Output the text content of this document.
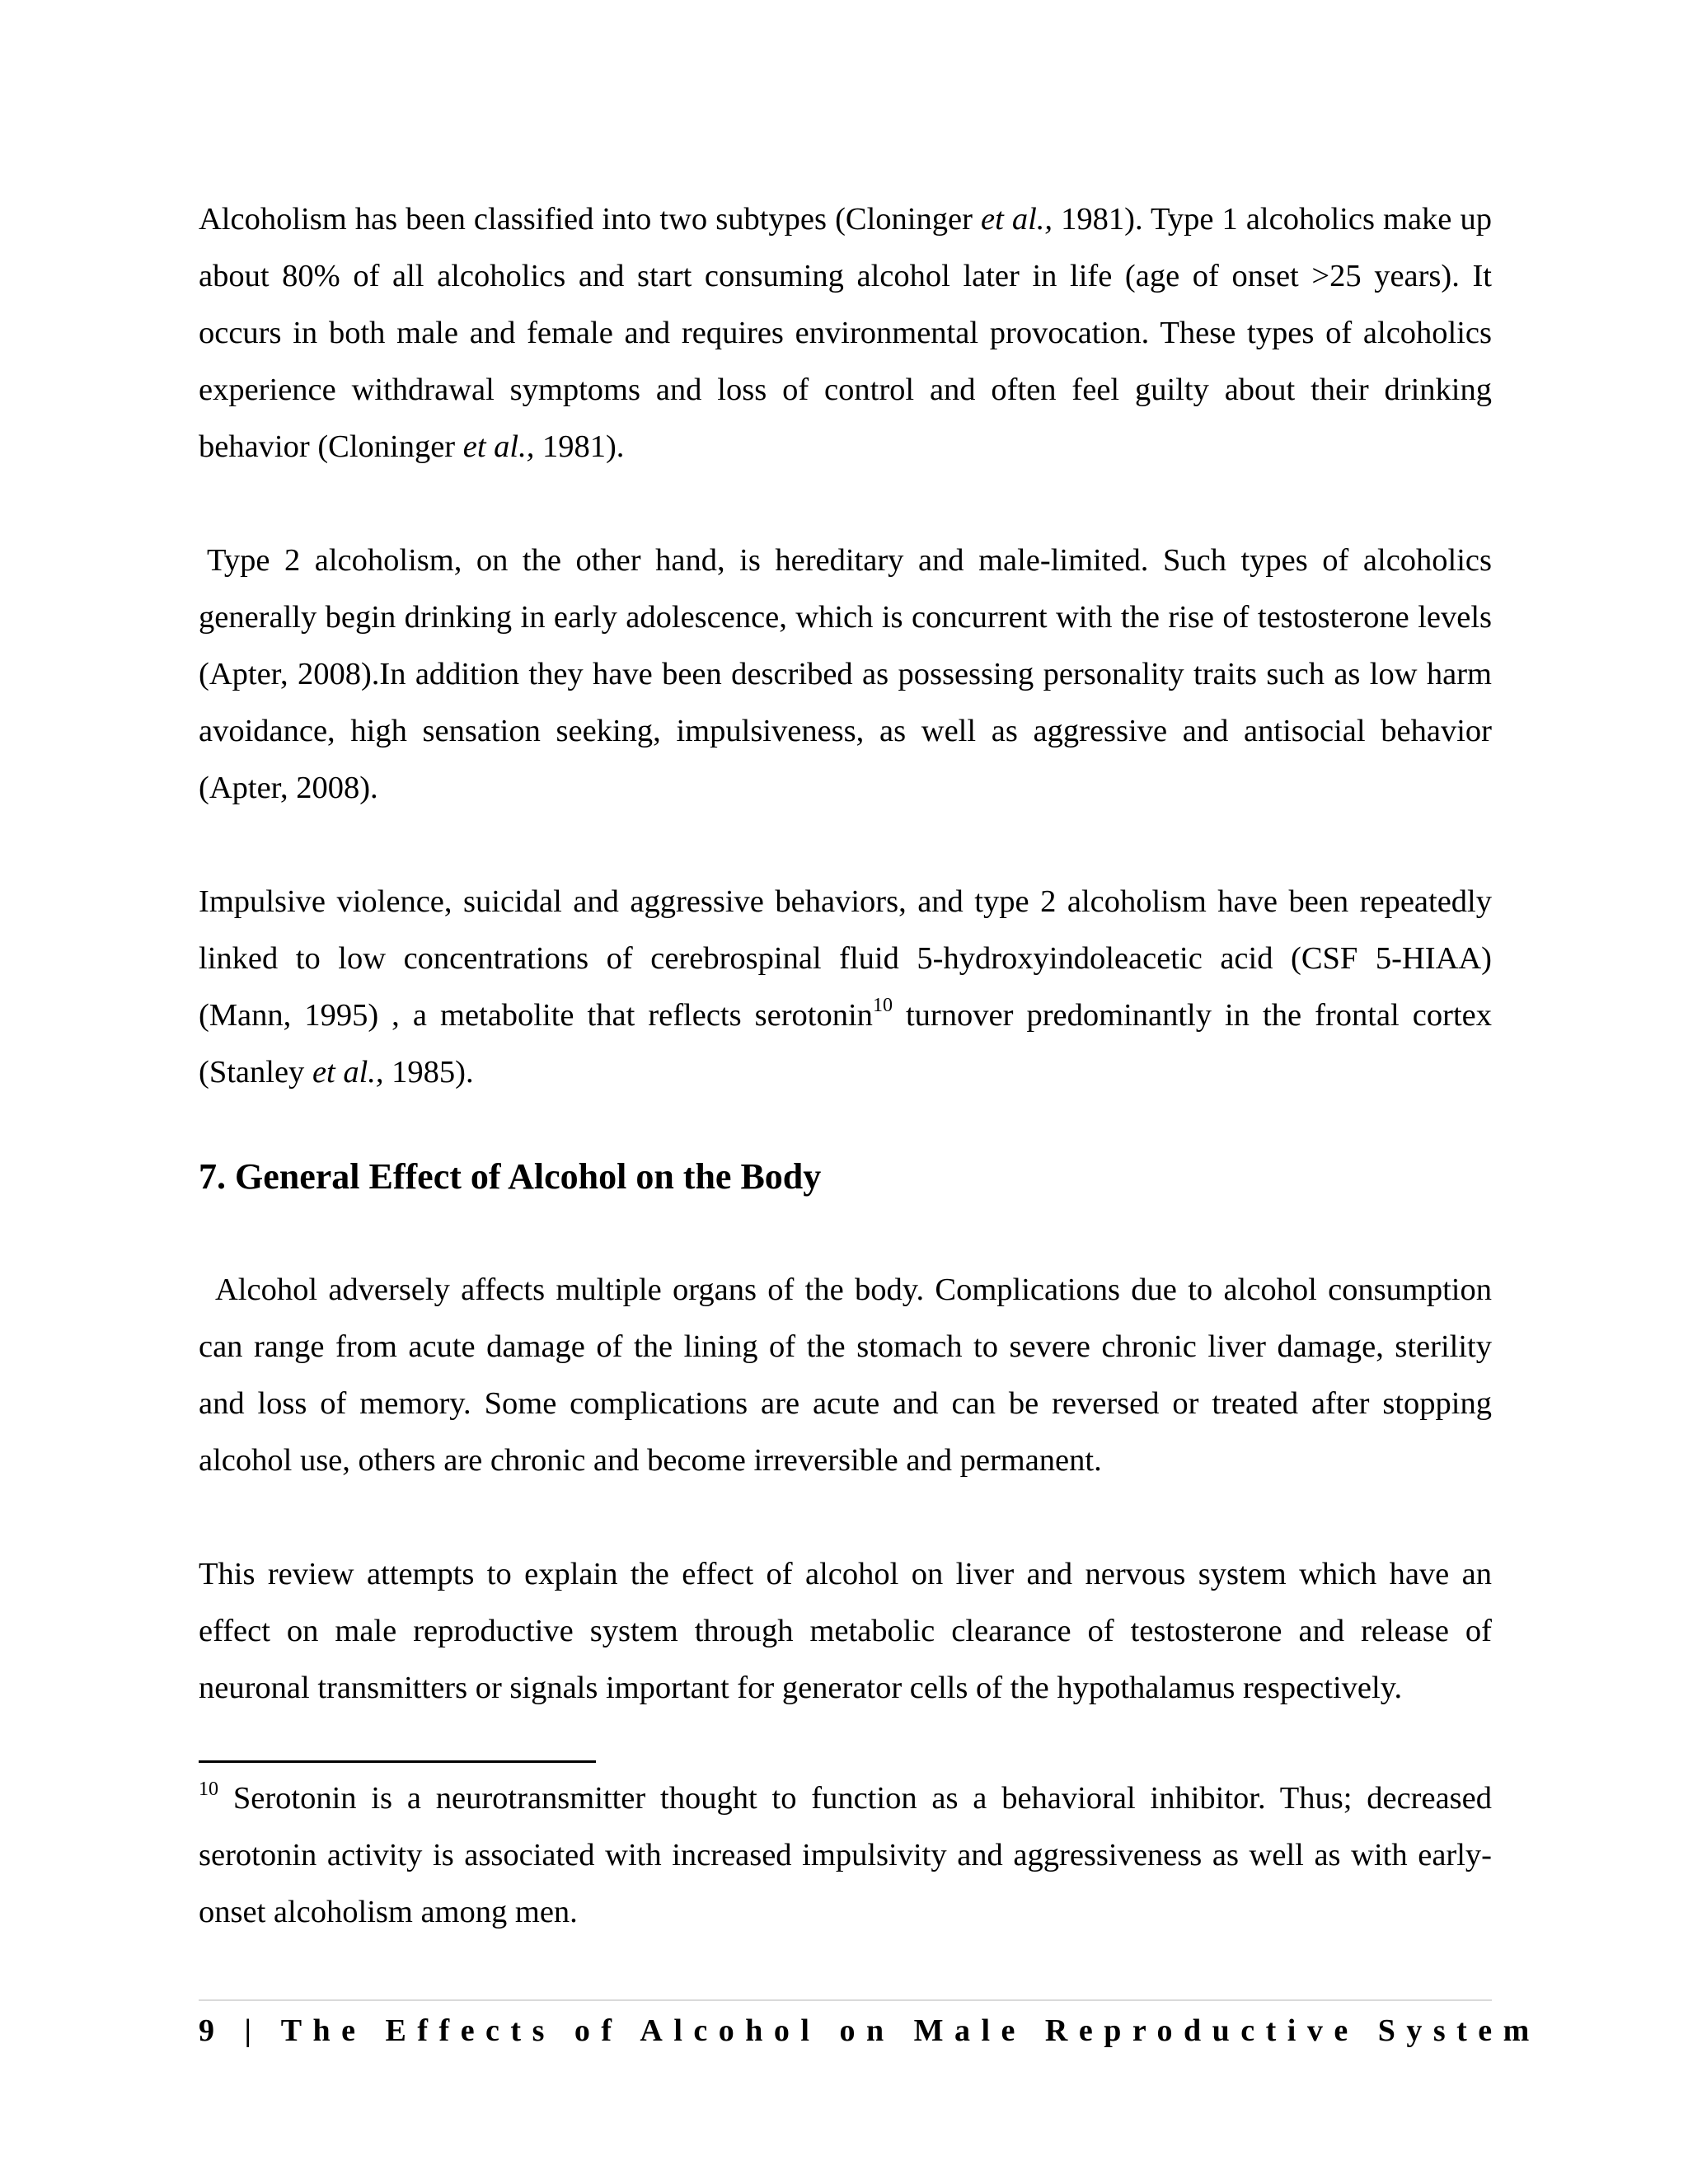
Alcoholism has been classified into two subtypes (Cloninger et al., 1981). Type 1 alcoholics make up about 80% of all alcoholics and start consuming alcohol later in life (age of onset >25 years). It occurs in both male and female and requires environmental provocation. These types of alcoholics experience withdrawal symptoms and loss of control and often feel guilty about their drinking behavior (Cloninger et al., 1981).

Type 2 alcoholism, on the other hand, is hereditary and male-limited. Such types of alcoholics generally begin drinking in early adolescence, which is concurrent with the rise of testosterone levels (Apter, 2008).In addition they have been described as possessing personality traits such as low harm avoidance, high sensation seeking, impulsiveness, as well as aggressive and antisocial behavior (Apter, 2008).

Impulsive violence, suicidal and aggressive behaviors, and type 2 alcoholism have been repeatedly linked to low concentrations of cerebrospinal fluid 5-hydroxyindoleacetic acid (CSF 5-HIAA) (Mann, 1995) , a metabolite that reflects serotonin$^{10}$ turnover predominantly in the frontal cortex (Stanley et al., 1985).

7. General Effect of Alcohol on the Body

Alcohol adversely affects multiple organs of the body. Complications due to alcohol consumption can range from acute damage of the lining of the stomach to severe chronic liver damage, sterility and loss of memory. Some complications are acute and can be reversed or treated after stopping alcohol use, others are chronic and become irreversible and permanent.

This review attempts to explain the effect of alcohol on liver and nervous system which have an effect on male reproductive system through metabolic clearance of testosterone and release of neuronal transmitters or signals important for generator cells of the hypothalamus respectively.

$^{10}$ Serotonin is a neurotransmitter thought to function as a behavioral inhibitor. Thus; decreased serotonin activity is associated with increased impulsivity and aggressiveness as well as with early-onset alcoholism among men.

9 | The Effects of Alcohol on Male Reproductive System
